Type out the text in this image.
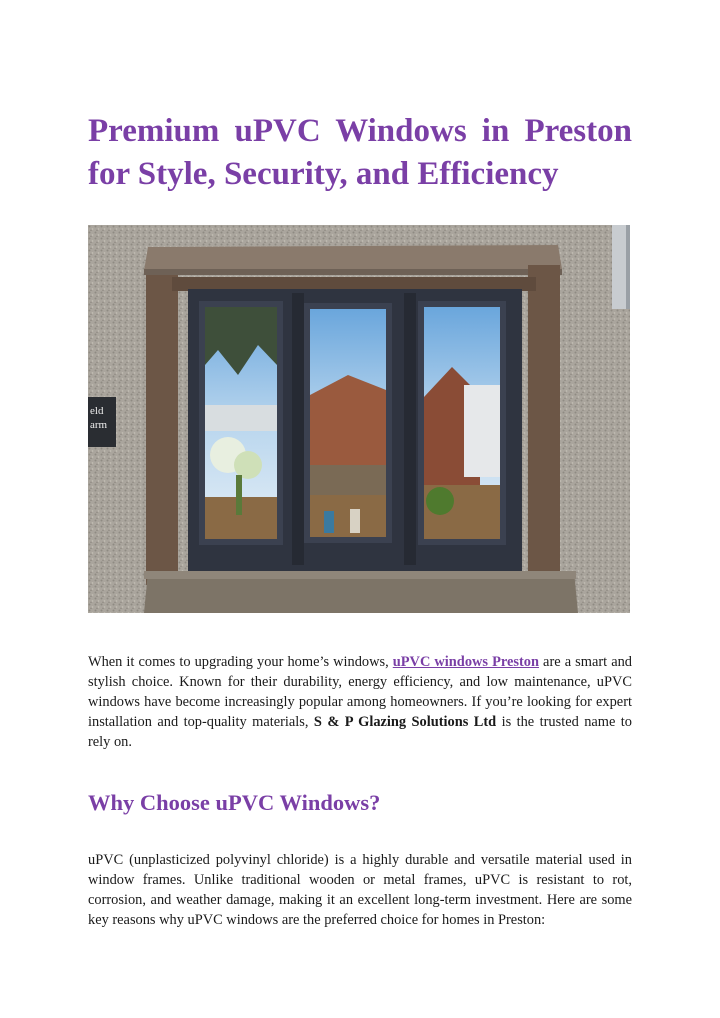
Premium uPVC Windows in Preston for Style, Security, and Efficiency
eld
arm

When it comes to upgrading your home’s windows, uPVC windows Preston are a smart and stylish choice. Known for their durability, energy efficiency, and low maintenance, uPVC windows have become increasingly popular among homeowners. If you’re looking for expert installation and top-quality materials, S & P Glazing Solutions Ltd is the trusted name to rely on.

Why Choose uPVC Windows?

uPVC (unplasticized polyvinyl chloride) is a highly durable and versatile material used in window frames. Unlike traditional wooden or metal frames, uPVC is resistant to rot, corrosion, and weather damage, making it an excellent long-term investment. Here are some key reasons why uPVC windows are the preferred choice for homes in Preston:
